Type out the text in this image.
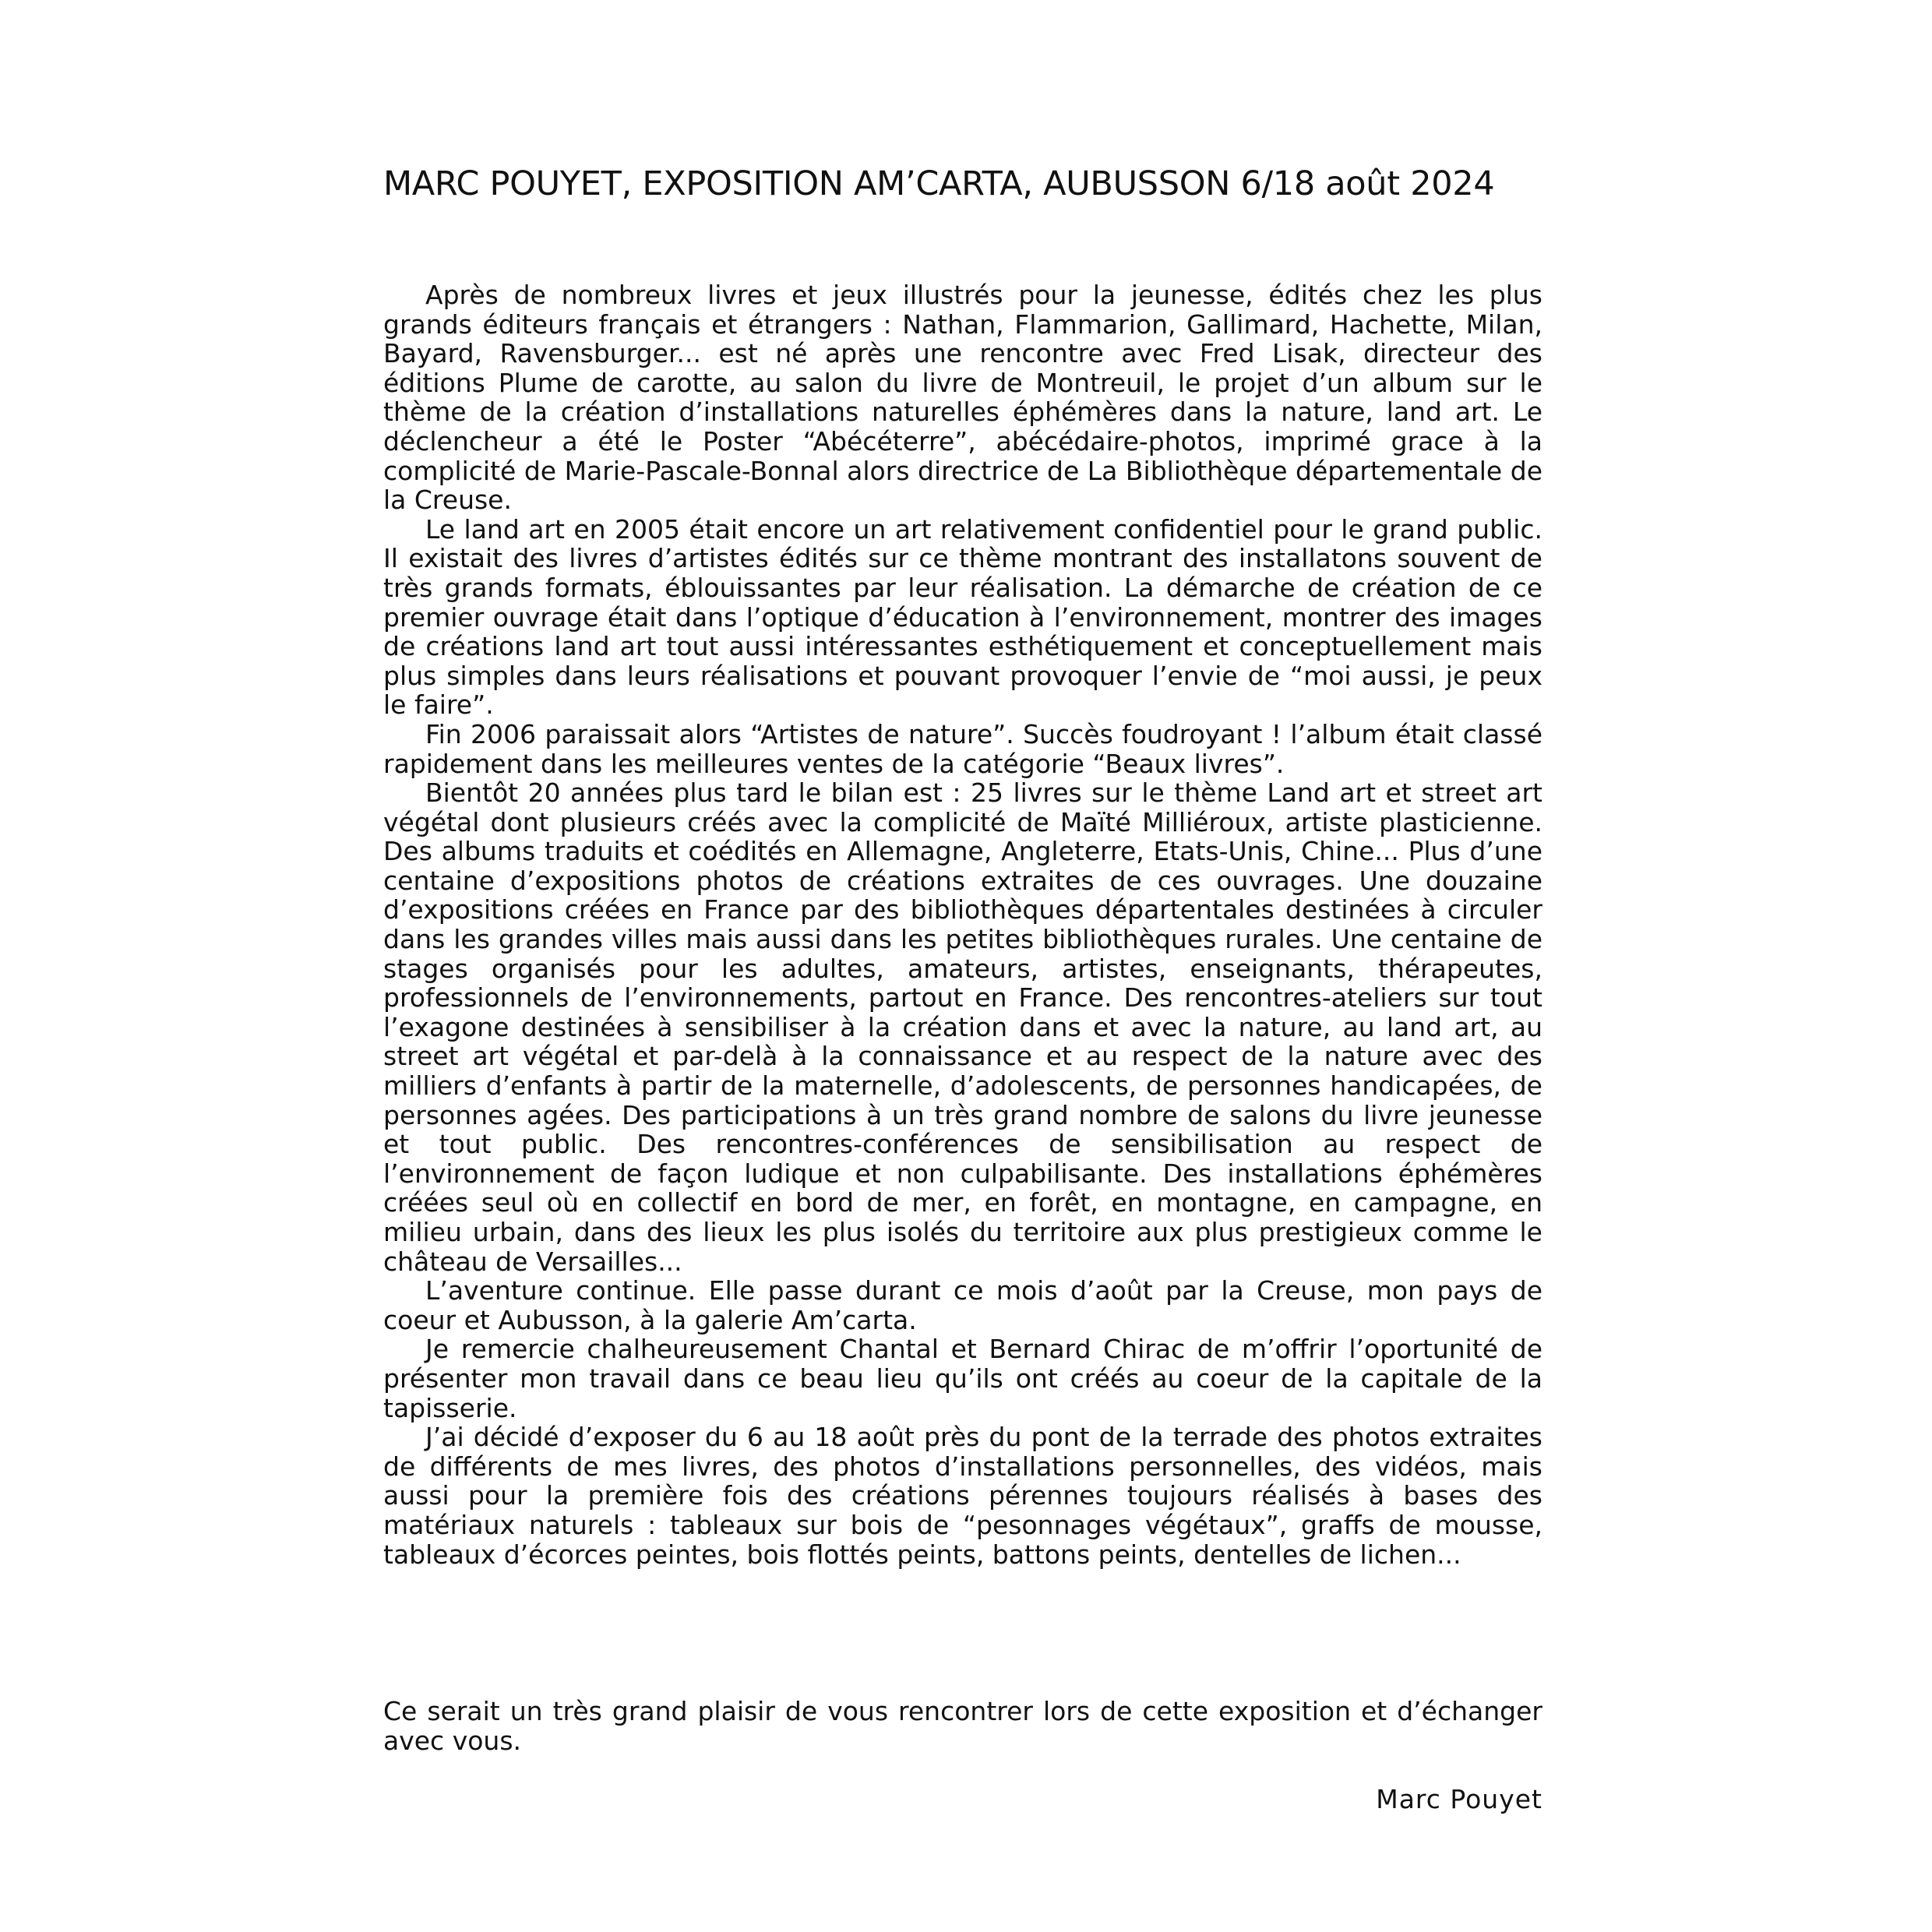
MARC POUYET, EXPOSITION AM’CARTA, AUBUSSON 6/18 août 2024

Après de nombreux livres et jeux illustrés pour la jeunesse, édités chez les plus grands éditeurs français et étrangers : Nathan, Flammarion, Gallimard, Hachette, Milan, Bayard, Ravensburger... est né après une rencontre avec Fred Lisak, directeur des éditions Plume de carotte, au salon du livre de Montreuil, le projet d’un album sur le thème de la création d’installations naturelles éphémères dans la nature, land art. Le déclencheur a été le Poster “Abécéterre”, abécédaire-photos, imprimé grace à la complicité de Marie-Pascale-Bonnal alors directrice de La Bibliothèque départementale de la Creuse.

Le land art en 2005 était encore un art relativement confidentiel pour le grand public. Il existait des livres d’artistes édités sur ce thème montrant des installatons souvent de très grands formats, éblouissantes par leur réalisation. La démarche de création de ce premier ouvrage était dans l’optique d’éducation à l’environnement, montrer des images de créations land art tout aussi intéressantes esthétiquement et conceptuellement mais plus simples dans leurs réalisations et pouvant provoquer l’envie de “moi aussi, je peux le faire”.

Fin 2006 paraissait alors “Artistes de nature”. Succès foudroyant ! l’album était classé rapidement dans les meilleures ventes de la catégorie “Beaux livres”.

Bientôt 20 années plus tard le bilan est : 25 livres sur le thème Land art et street art végétal dont plusieurs créés avec la complicité de Maïté Milliéroux, artiste plasticienne. Des albums traduits et coédités en Allemagne, Angleterre, Etats-Unis, Chine... Plus d’une centaine d’expositions photos de créations extraites de ces ouvrages. Une douzaine d’expositions créées en France par des bibliothèques départentales destinées à circuler dans les grandes villes mais aussi dans les petites bibliothèques rurales. Une centaine de stages organisés pour les adultes, amateurs, artistes, enseignants, thérapeutes, professionnels de l’environnements, partout en France. Des rencontres-ateliers sur tout l’exagone destinées à sensibiliser à la création dans et avec la nature, au land art, au street art végétal et par-delà à la connaissance et au respect de la nature avec des milliers d’enfants à partir de la maternelle, d’adolescents, de personnes handicapées, de personnes agées. Des participations à un très grand nombre de salons du livre jeunesse et tout public. Des rencontres-conférences de sensibilisation au respect de l’environnement de façon ludique et non culpabilisante. Des installations éphémères créées seul où en collectif en bord de mer, en forêt, en montagne, en campagne, en milieu urbain, dans des lieux les plus isolés du territoire aux plus prestigieux comme le château de Versailles...

L’aventure continue. Elle passe durant ce mois d’août par la Creuse, mon pays de coeur et Aubusson, à la galerie Am’carta.

Je remercie chalheureusement Chantal et Bernard Chirac de m’offrir l’oportunité de présenter mon travail dans ce beau lieu qu’ils ont créés au coeur de la capitale de la tapisserie.

J’ai décidé d’exposer du 6 au 18 août près du pont de la terrade des photos extraites de différents de mes livres, des photos d’installations personnelles, des vidéos, mais aussi pour la première fois des créations pérennes toujours réalisés à bases des matériaux naturels : tableaux sur bois de “pesonnages végétaux”, graffs de mousse, tableaux d’écorces peintes, bois flottés peints, battons peints, dentelles de lichen...

Ce serait un très grand plaisir de vous rencontrer lors de cette exposition et d’échanger avec vous.

Marc Pouyet
